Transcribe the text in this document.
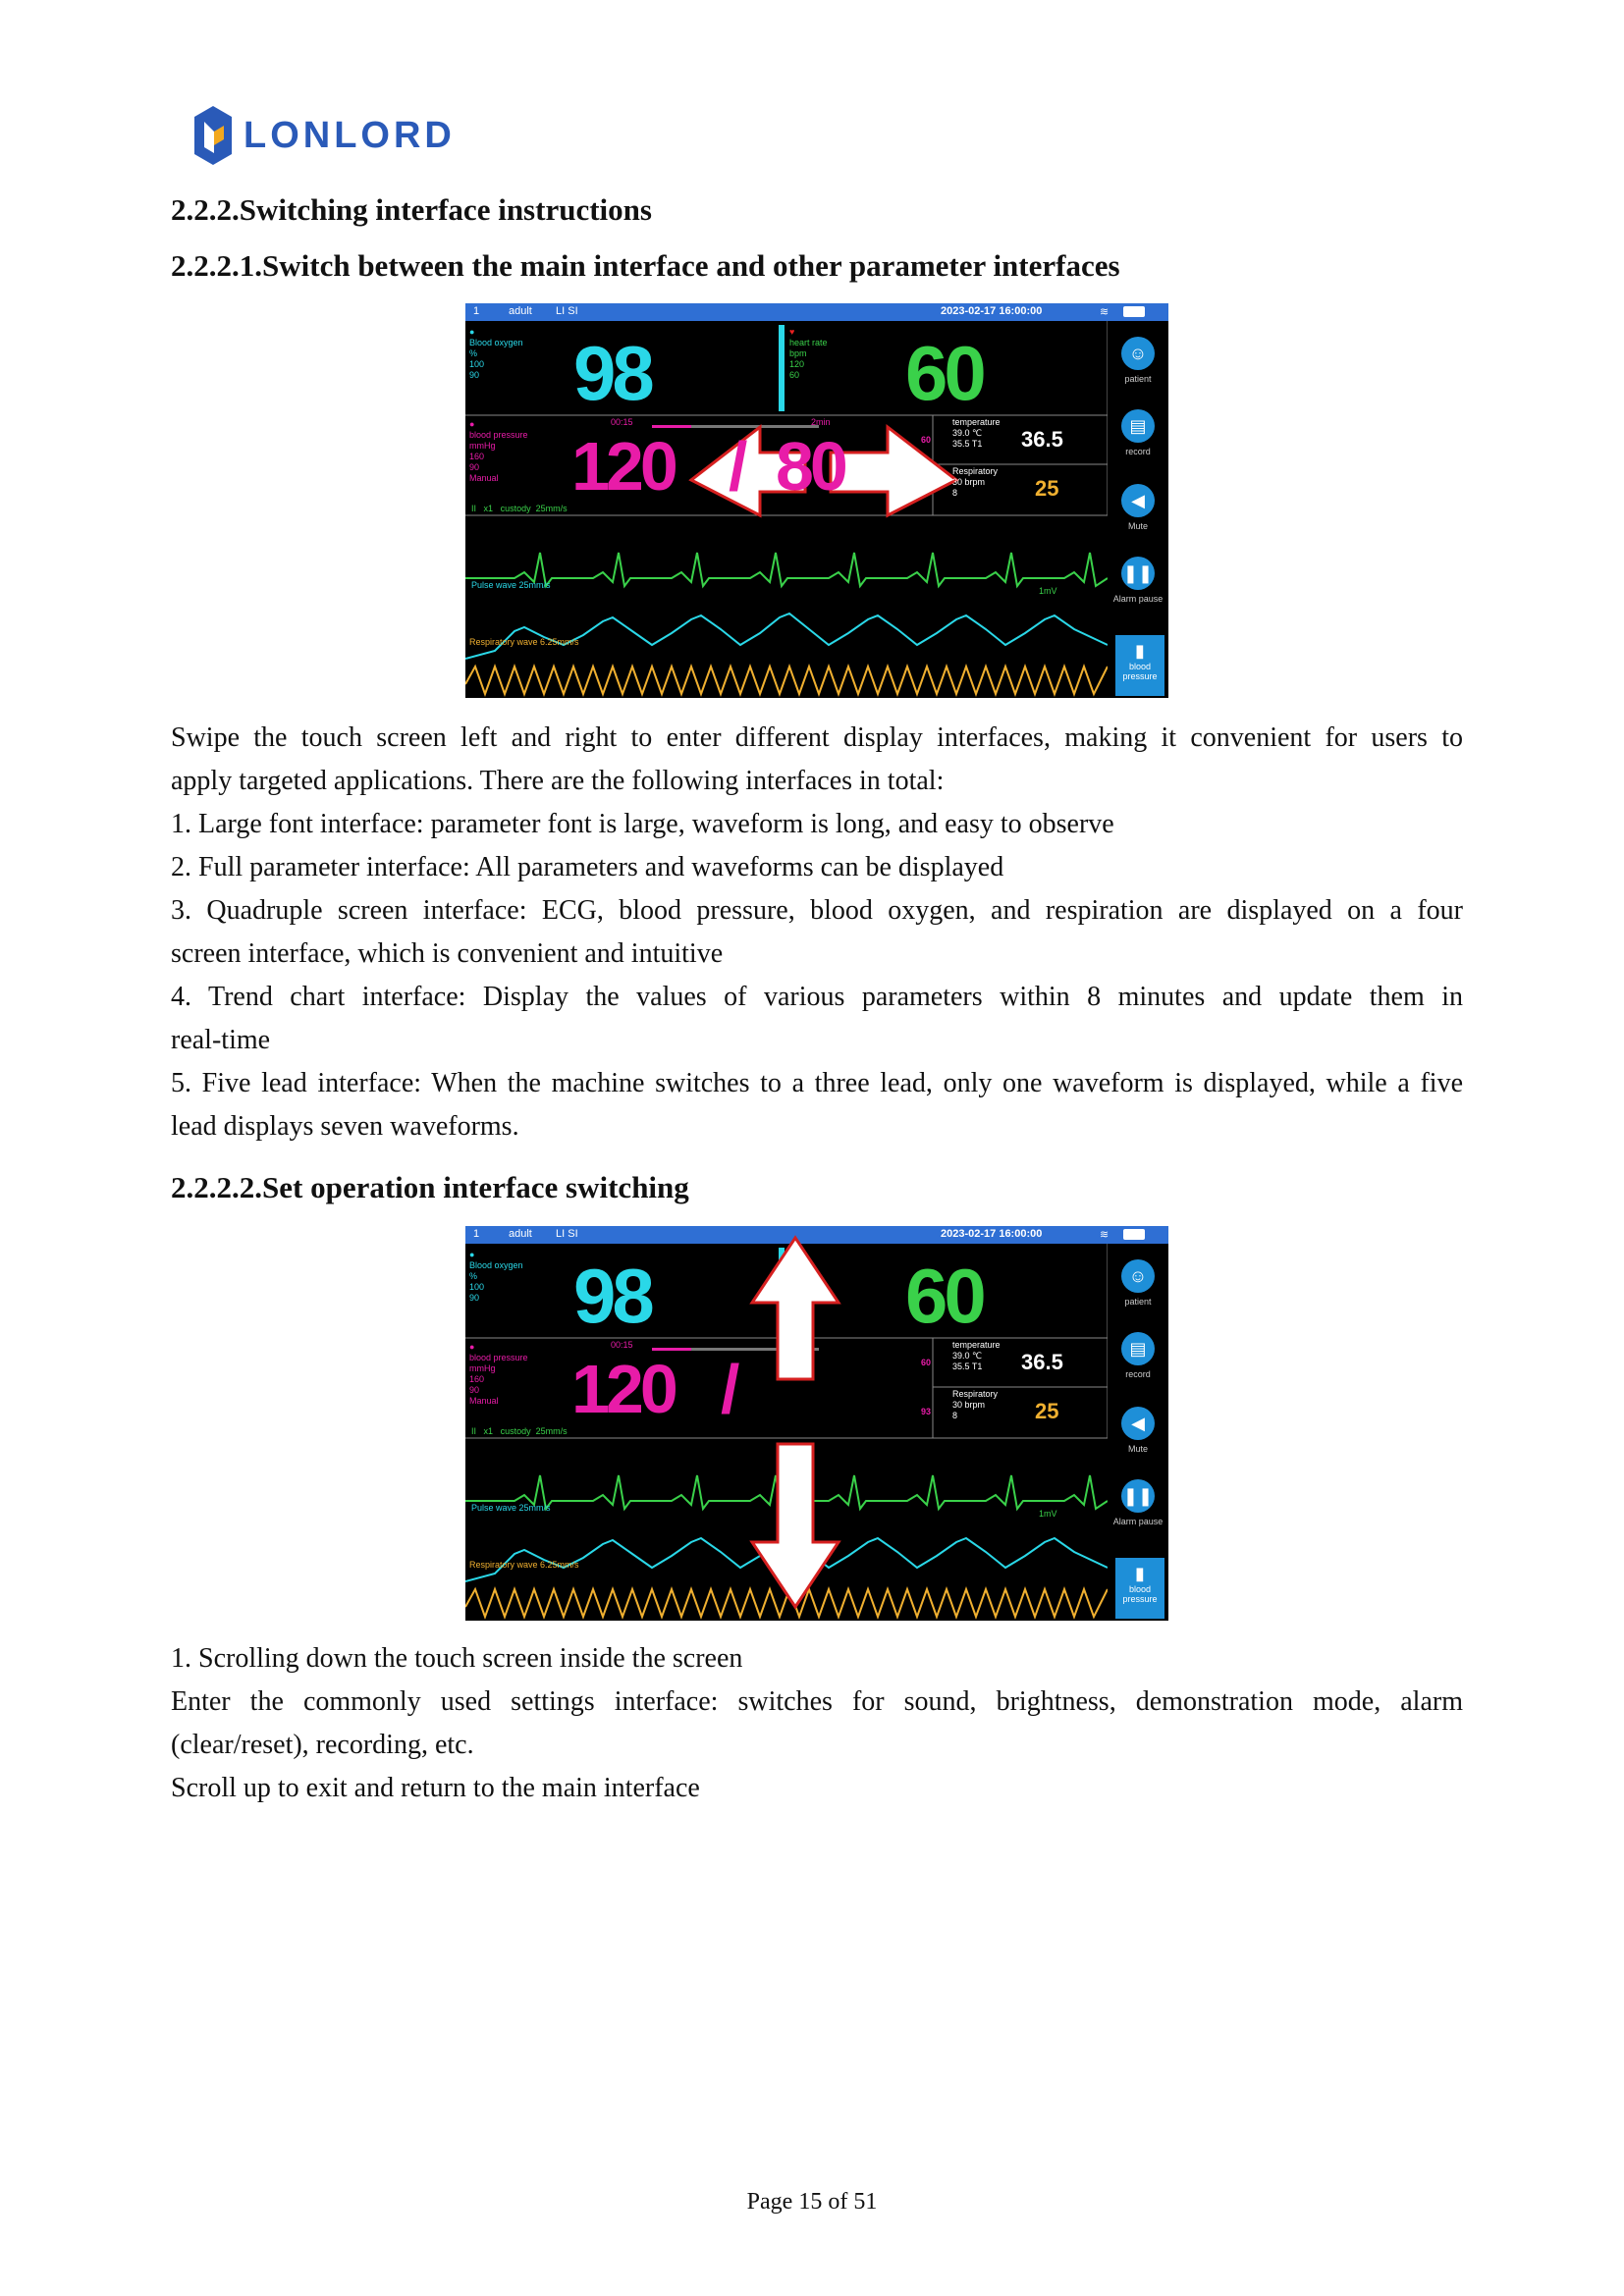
LONLORD
2.2.2.Switching interface instructions
2.2.2.1.Switch between the main interface and other parameter interfaces
1	adult LI SI	2023-02-17 16:00:00	≋
●
Blood oxygen
%
100
90	98	♥
heart rate
bpm
120
60	60
●
blood pressure
mmHg
160
90
Manual
00:15	2min
120 / 80	60
temperature
39.0 ℃
35.5 T1	36.5
Respiratory
30 brpm
8	25
II x1 custody 25mm/s
1mV
Pulse wave 25mm/s
Respiratory wave 6.25mm/s
☺
patient
▤
record
◀
Mute
❚❚
Alarm pause
▮
blood pressure

Swipe the touch screen left and right to enter different display interfaces, making it convenient for users to

apply targeted applications. There are the following interfaces in total:

1. Large font interface: parameter font is large, waveform is long, and easy to observe

2. Full parameter interface: All parameters and waveforms can be displayed

3. Quadruple screen interface: ECG, blood pressure, blood oxygen, and respiration are displayed on a four

screen interface, which is convenient and intuitive

4. Trend chart interface: Display the values of various parameters within 8 minutes and update them in

real-time

5. Five lead interface: When the machine switches to a three lead, only one waveform is displayed, while a five

lead displays seven waveforms.

2.2.2.2.Set operation interface switching
1	adult LI SI	2023-02-17 16:00:00	≋
●
Blood oxygen
%
100
90	98	60
●
blood pressure
mmHg
160
90
Manual
00:15
120 /	60
93
temperature
39.0 ℃
35.5 T1	36.5
Respiratory
30 brpm
8	25
II x1 custody 25mm/s
1mV
Pulse wave 25mm/s
Respiratory wave 6.25mm/s
☺
patient
▤
record
◀
Mute
❚❚
Alarm pause
▮
blood pressure

1. Scrolling down the touch screen inside the screen

Enter the commonly used settings interface: switches for sound, brightness, demonstration mode, alarm

(clear/reset), recording, etc.

Scroll up to exit and return to the main interface

Page 15 of 51
